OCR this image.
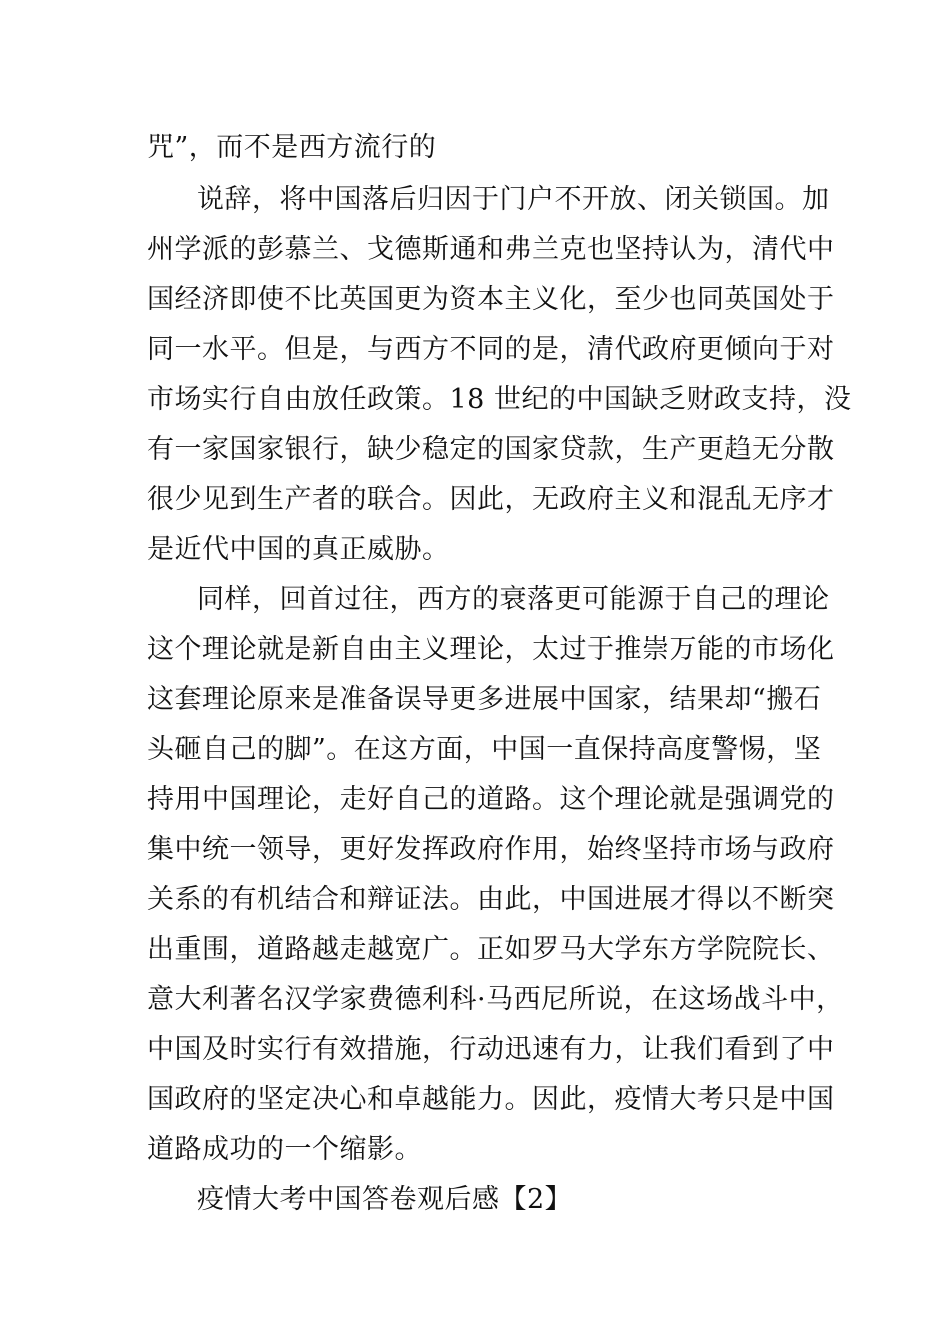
咒”，而不是西方流行的
说辞，将中国落后归因于门户不开放、闭关锁国。加
州学派的彭慕兰、戈德斯通和弗兰克也坚持认为，清代中
国经济即使不比英国更为资本主义化，至少也同英国处于
同一水平。但是，与西方不同的是，清代政府更倾向于对
市场实行自由放任政策。18 世纪的中国缺乏财政支持，没
有一家国家银行，缺少稳定的国家贷款，生产更趋无分散
很少见到生产者的联合。因此，无政府主义和混乱无序才
是近代中国的真正威胁。
同样，回首过往，西方的衰落更可能源于自己的理论
这个理论就是新自由主义理论，太过于推崇万能的市场化
这套理论原来是准备误导更多进展中国家，结果却“搬石
头砸自己的脚”。在这方面，中国一直保持高度警惕，坚
持用中国理论，走好自己的道路。这个理论就是强调党的
集中统一领导，更好发挥政府作用，始终坚持市场与政府
关系的有机结合和辩证法。由此，中国进展才得以不断突
出重围，道路越走越宽广。正如罗马大学东方学院院长、
意大利著名汉学家费德利科·马西尼所说，在这场战斗中，
中国及时实行有效措施，行动迅速有力，让我们看到了中
国政府的坚定决心和卓越能力。因此，疫情大考只是中国
道路成功的一个缩影。
疫情大考中国答卷观后感【2】
